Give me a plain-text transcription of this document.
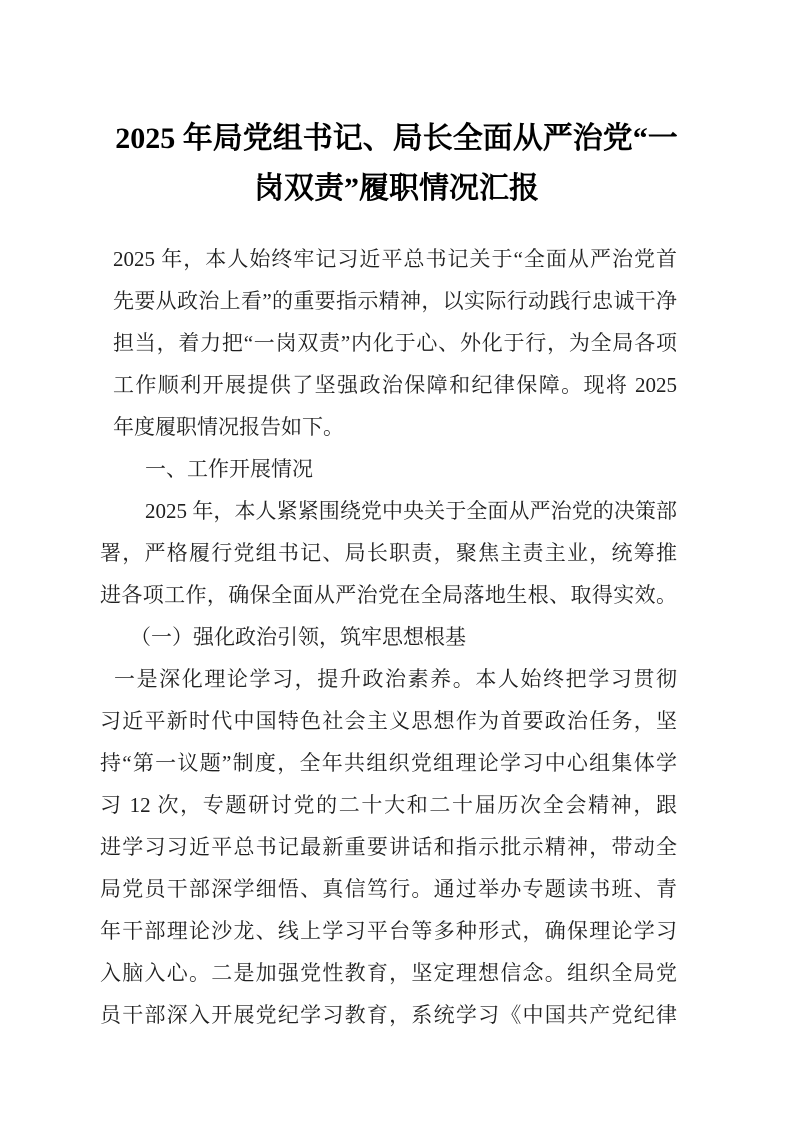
2025 年局党组书记、局长全面从严治党“一
岗双责”履职情况汇报
2025 年，本人始终牢记习近平总书记关于“全面从严治党首
先要从政治上看”的重要指示精神，以实际行动践行忠诚干净
担当，着力把“一岗双责”内化于心、外化于行，为全局各项
工作顺利开展提供了坚强政治保障和纪律保障。现将 2025
年度履职情况报告如下。
一、工作开展情况
2025 年，本人紧紧围绕党中央关于全面从严治党的决策部
署，严格履行党组书记、局长职责，聚焦主责主业，统筹推
进各项工作，确保全面从严治党在全局落地生根、取得实效。
（一）强化政治引领，筑牢思想根基
一是深化理论学习，提升政治素养。本人始终把学习贯彻
习近平新时代中国特色社会主义思想作为首要政治任务，坚
持“第一议题”制度，全年共组织党组理论学习中心组集体学
习 12 次，专题研讨党的二十大和二十届历次全会精神，跟
进学习习近平总书记最新重要讲话和指示批示精神，带动全
局党员干部深学细悟、真信笃行。通过举办专题读书班、青
年干部理论沙龙、线上学习平台等多种形式，确保理论学习
入脑入心。二是加强党性教育，坚定理想信念。组织全局党
员干部深入开展党纪学习教育，系统学习《中国共产党纪律
